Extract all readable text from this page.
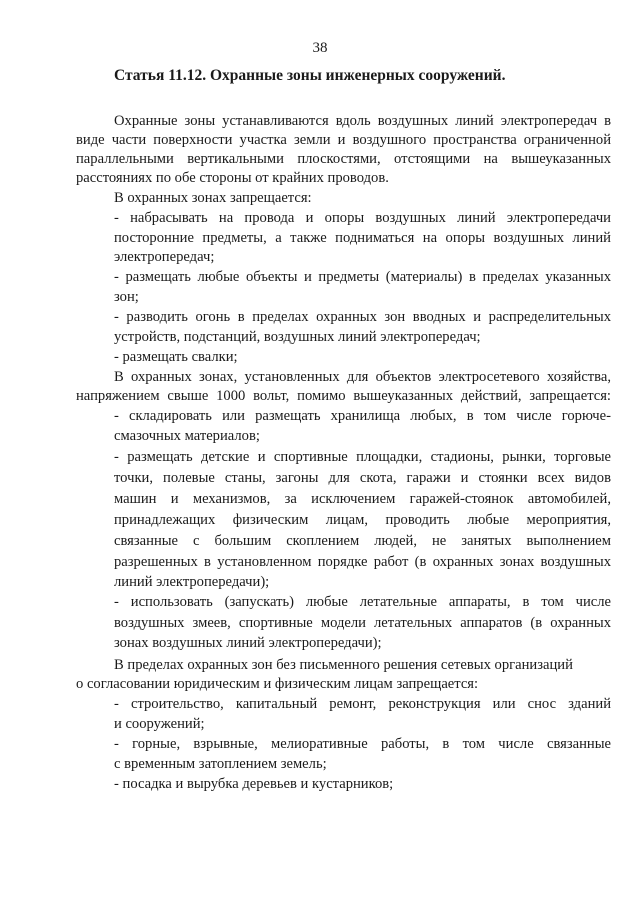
38
Статья 11.12. Охранные зоны инженерных сооружений.
Охранные зоны устанавливаются вдоль воздушных линий электропередач в
виде части поверхности участка земли и воздушного пространства ограниченной
параллельными вертикальными плоскостями, отстоящими на вышеуказанных
расстояниях по обе стороны от крайних проводов.
В охранных зонах запрещается:
- набрасывать на провода и опоры воздушных линий электропередачи
посторонние предметы, а также подниматься на опоры воздушных линий
электропередач;
- размещать любые объекты и предметы (материалы) в пределах указанных
зон;
- разводить огонь в пределах охранных зон вводных и распределительных
устройств, подстанций, воздушных линий электропередач;
- размещать свалки;
В охранных зонах, установленных для объектов электросетевого хозяйства,
напряжением свыше 1000 вольт, помимо вышеуказанных действий, запрещается:
- складировать или размещать хранилища любых, в том числе горюче-
смазочных материалов;
- размещать детские и спортивные площадки, стадионы, рынки, торговые
точки, полевые станы, загоны для скота, гаражи и стоянки всех видов
машин и механизмов, за исключением гаражей-стоянок автомобилей,
принадлежащих физическим лицам, проводить любые мероприятия,
связанные с большим скоплением людей, не занятых выполнением
разрешенных в установленном порядке работ (в охранных зонах воздушных
линий электропередачи);
- использовать (запускать) любые летательные аппараты, в том числе
воздушных змеев, спортивные модели летательных аппаратов (в охранных
зонах воздушных линий электропередачи);
В пределах охранных зон без письменного решения сетевых организаций
о согласовании юридическим и физическим лицам запрещается:
- строительство, капитальный ремонт, реконструкция или снос зданий
и сооружений;
- горные, взрывные, мелиоративные работы, в том числе связанные
с временным затоплением земель;
- посадка и вырубка деревьев и кустарников;
